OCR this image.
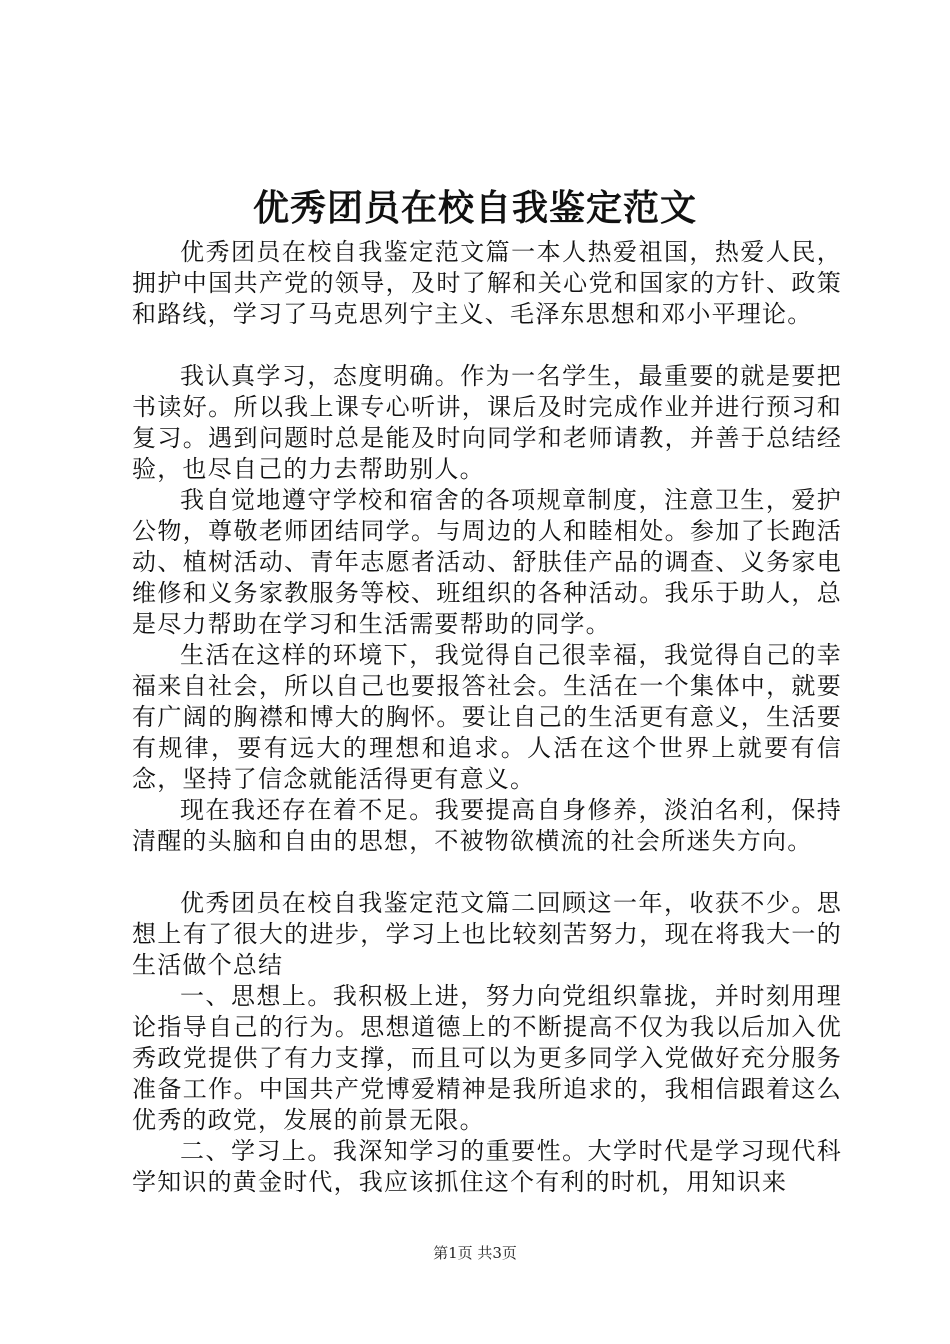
优秀团员在校自我鉴定范文

优秀团员在校自我鉴定范文篇一本人热爱祖国，热爱人民，拥护中国共产党的领导，及时了解和关心党和国家的方针、政策和路线，学习了马克思列宁主义、毛泽东思想和邓小平理论。

我认真学习，态度明确。作为一名学生，最重要的就是要把书读好。所以我上课专心听讲，课后及时完成作业并进行预习和复习。遇到问题时总是能及时向同学和老师请教，并善于总结经验，也尽自己的力去帮助别人。

我自觉地遵守学校和宿舍的各项规章制度，注意卫生，爱护公物，尊敬老师团结同学。与周边的人和睦相处。参加了长跑活动、植树活动、青年志愿者活动、舒肤佳产品的调查、义务家电维修和义务家教服务等校、班组织的各种活动。我乐于助人，总是尽力帮助在学习和生活需要帮助的同学。

生活在这样的环境下，我觉得自己很幸福，我觉得自己的幸福来自社会，所以自己也要报答社会。生活在一个集体中，就要有广阔的胸襟和博大的胸怀。要让自己的生活更有意义，生活要有规律，要有远大的理想和追求。人活在这个世界上就要有信念，坚持了信念就能活得更有意义。

现在我还存在着不足。我要提高自身修养，淡泊名利，保持清醒的头脑和自由的思想，不被物欲横流的社会所迷失方向。

优秀团员在校自我鉴定范文篇二回顾这一年，收获不少。思想上有了很大的进步，学习上也比较刻苦努力，现在将我大一的生活做个总结

一、思想上。我积极上进，努力向党组织靠拢，并时刻用理论指导自己的行为。思想道德上的不断提高不仅为我以后加入优秀政党提供了有力支撑，而且可以为更多同学入党做好充分服务准备工作。中国共产党博爱精神是我所追求的，我相信跟着这么优秀的政党，发展的前景无限。

二、学习上。我深知学习的重要性。大学时代是学习现代科学知识的黄金时代，我应该抓住这个有利的时机，用知识来

第1页 共3页
